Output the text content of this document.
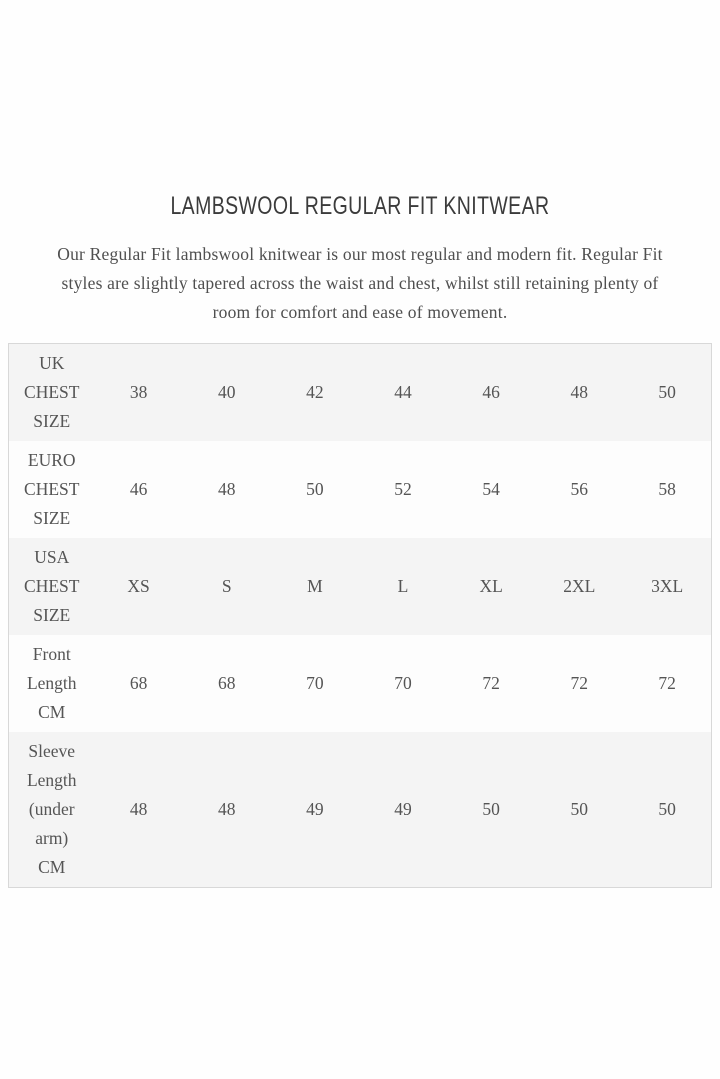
LAMBSWOOL REGULAR FIT KNITWEAR
Our Regular Fit lambswool knitwear is our most regular and modern fit. Regular Fit
styles are slightly tapered across the waist and chest, whilst still retaining plenty of
room for comfort and ease of movement.
UK
CHEST
SIZE	38	40	42	44	46	48	50

EURO
CHEST
SIZE	46	48	50	52	54	56	58

USA
CHEST
SIZE	XS	S	M	L	XL	2XL	3XL

Front
Length
CM	68	68	70	70	72	72	72

Sleeve
Length
(under
arm)
CM	48	48	49	49	50	50	50
